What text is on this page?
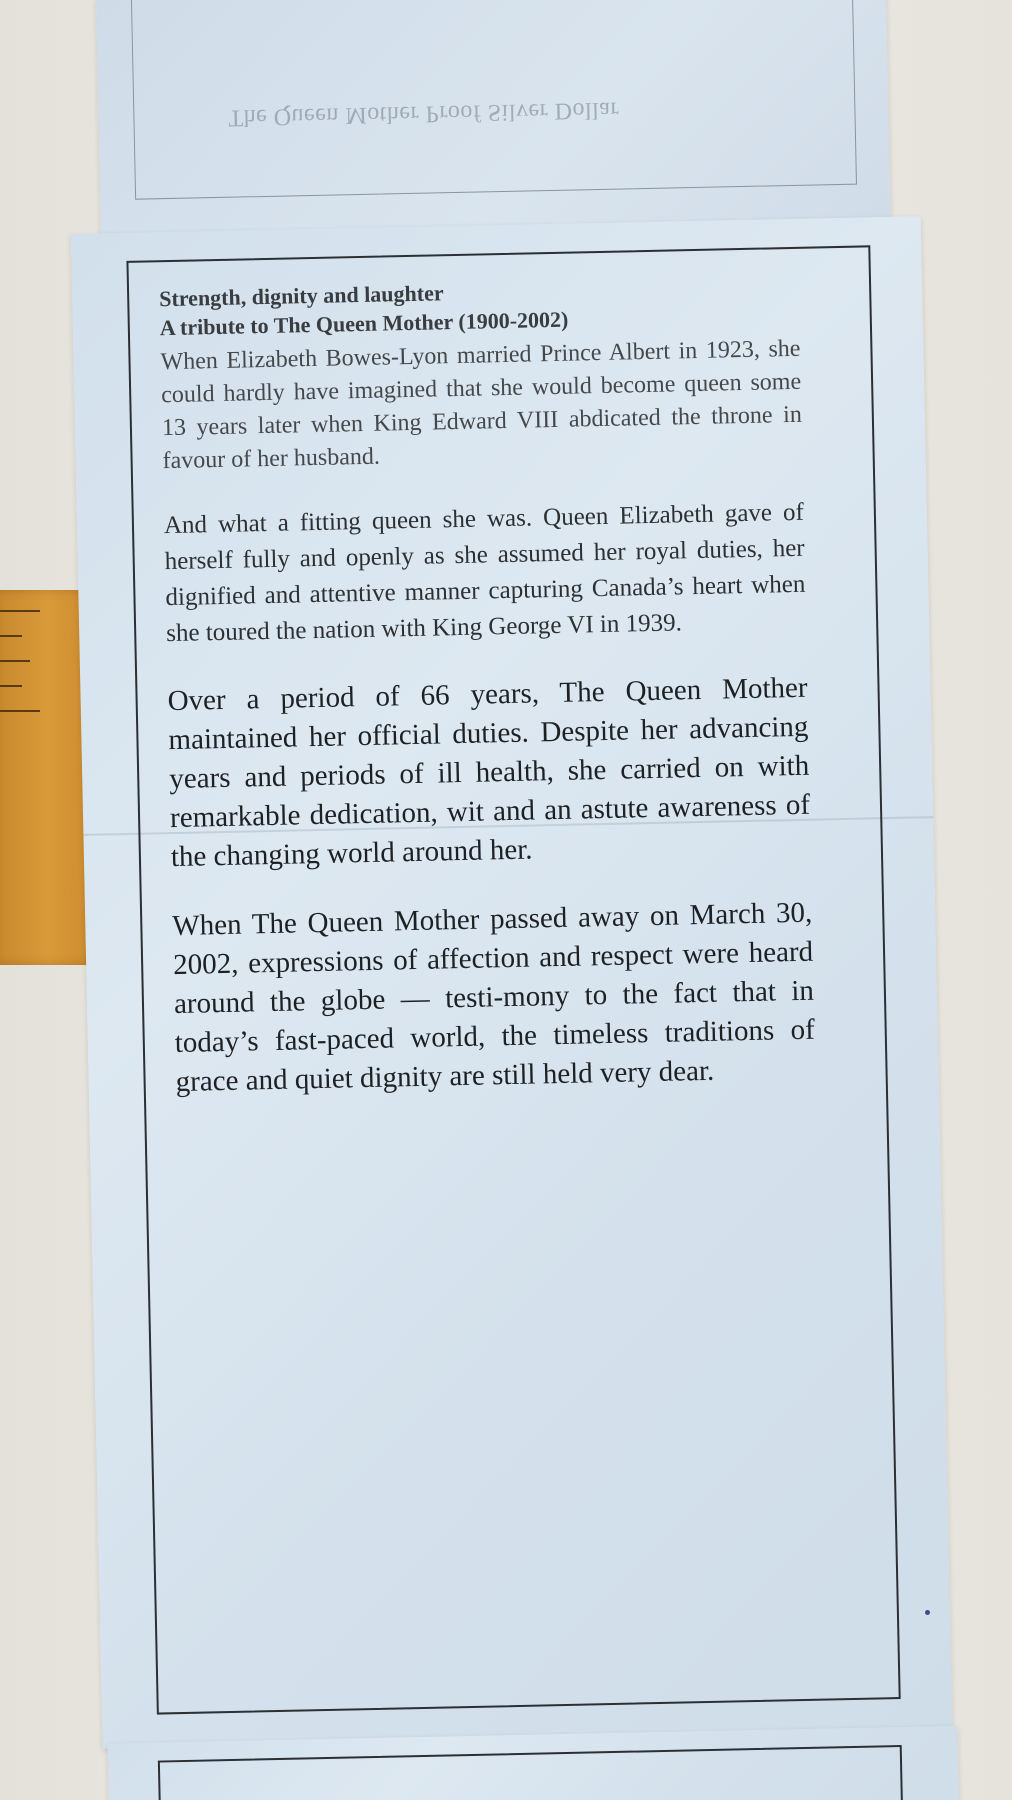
The Queen Mother Proof Silver Dollar

Strength, dignity and laughter

A tribute to The Queen Mother (1900-2002)

When Elizabeth Bowes-Lyon married Prince Albert in 1923, she could hardly have imagined that she would become queen some 13 years later when King Edward VIII abdicated the throne in favour of her husband.

And what a fitting queen she was. Queen Elizabeth gave of herself fully and openly as she assumed her royal duties, her dignified and attentive manner capturing Canada’s heart when she toured the nation with King George VI in 1939.

Over a period of 66 years, The Queen Mother maintained her official duties. Despite her advancing years and periods of ill health, she carried on with remarkable dedication, wit and an astute awareness of the changing world around her.

When The Queen Mother passed away on March 30, 2002, expressions of affection and respect were heard around the globe — testi-mony to the fact that in today’s fast-paced world, the timeless traditions of grace and quiet dignity are still held very dear.
